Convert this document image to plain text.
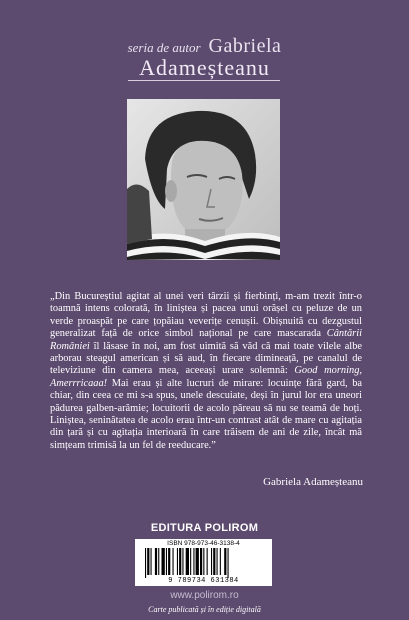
seria de autor Gabriela
Adameșteanu
„Din Bucureștiul agitat al unei veri târzii și fierbinți, m-am trezit într-o toamnă intens colorată, în liniștea și pacea unui orășel cu peluze de un verde proaspăt pe care țopăiau veverițe cenușii. Obișnuită cu dezgustul generalizat față de orice simbol național pe care mascarada Cântării României îl lăsase în noi, am fost uimită să văd că mai toate vilele albe arborau steagul american și să aud, în fiecare dimineață, pe canalul de televiziune din camera mea, aceeași urare solemnă: Good morning, Amerrricaaa! Mai erau și alte lucruri de mirare: locuințe fără gard, ba chiar, din ceea ce mi s-a spus, unele descuiate, deși în jurul lor era uneori pădurea galben-arămie; locuitorii de acolo păreau să nu se teamă de hoți. Liniștea, seninătatea de acolo erau într-un contrast atât de mare cu agitația din țară și cu agitația interioară în care trăisem de ani de zile, încât mă simțeam trimisă la un fel de reeducare.”
Gabriela Adameșteanu
EDITURA POLIROM
ISBN 978-973-46-3138-4
9 789734 631384
www.polirom.ro
Carte publicată și în ediție digitală
